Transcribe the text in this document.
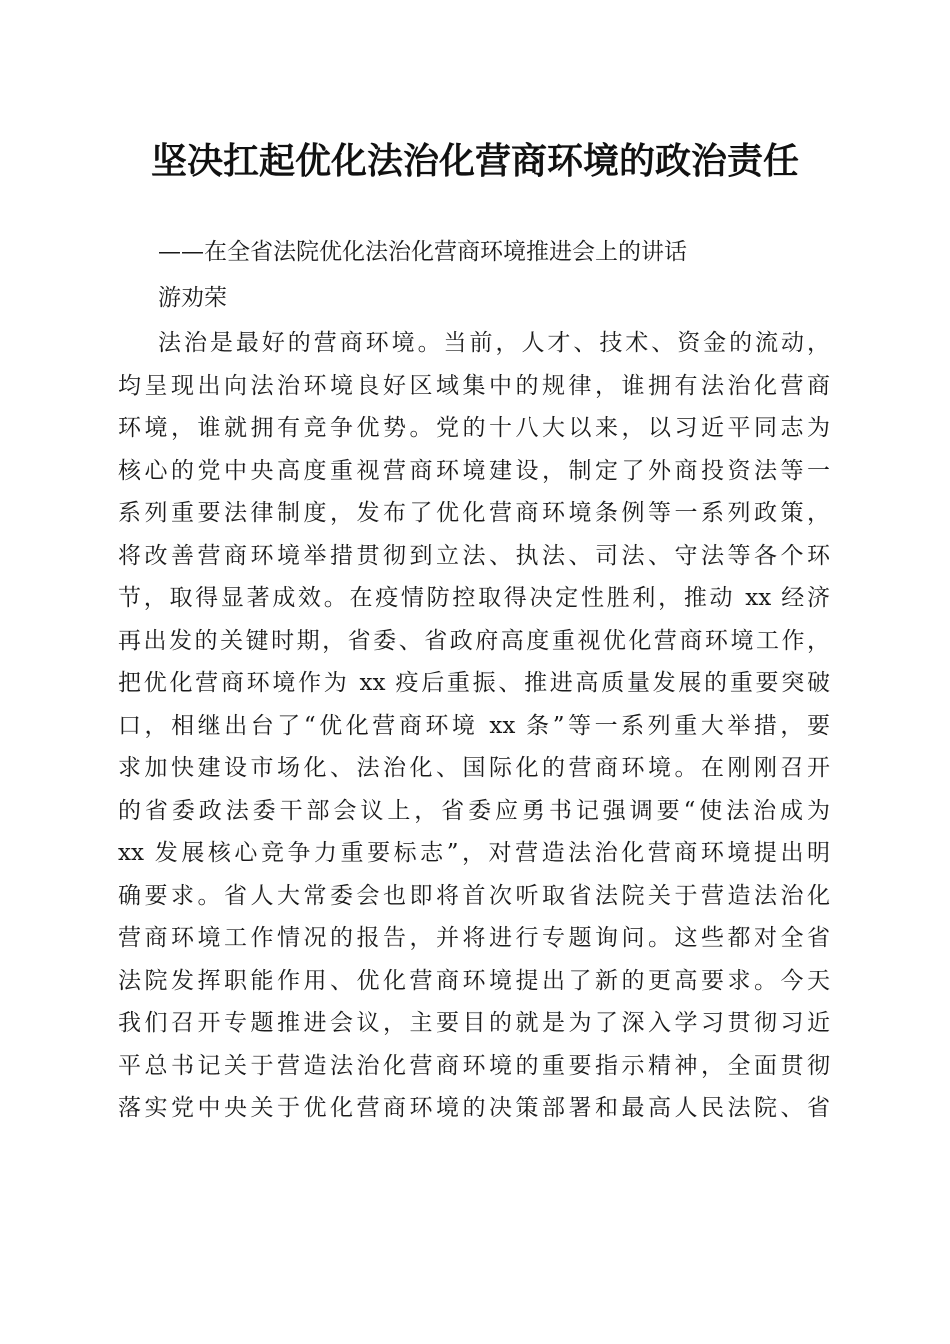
坚决扛起优化法治化营商环境的政治责任

——在全省法院优化法治化营商环境推进会上的讲话

游劝荣

法治是最好的营商环境。当前，人才、技术、资金的流动，
均呈现出向法治环境良好区域集中的规律，谁拥有法治化营商
环境，谁就拥有竞争优势。党的十八大以来，以习近平同志为
核心的党中央高度重视营商环境建设，制定了外商投资法等一
系列重要法律制度，发布了优化营商环境条例等一系列政策，
将改善营商环境举措贯彻到立法、执法、司法、守法等各个环
节，取得显著成效。在疫情防控取得决定性胜利，推动 xx 经济
再出发的关键时期，省委、省政府高度重视优化营商环境工作，
把优化营商环境作为 xx 疫后重振、推进高质量发展的重要突破
口，相继出台了“优化营商环境 xx 条”等一系列重大举措，要
求加快建设市场化、法治化、国际化的营商环境。在刚刚召开
的省委政法委干部会议上，省委应勇书记强调要“使法治成为
xx 发展核心竞争力重要标志”，对营造法治化营商环境提出明
确要求。省人大常委会也即将首次听取省法院关于营造法治化
营商环境工作情况的报告，并将进行专题询问。这些都对全省
法院发挥职能作用、优化营商环境提出了新的更高要求。今天
我们召开专题推进会议，主要目的就是为了深入学习贯彻习近
平总书记关于营造法治化营商环境的重要指示精神，全面贯彻
落实党中央关于优化营商环境的决策部署和最高人民法院、省
